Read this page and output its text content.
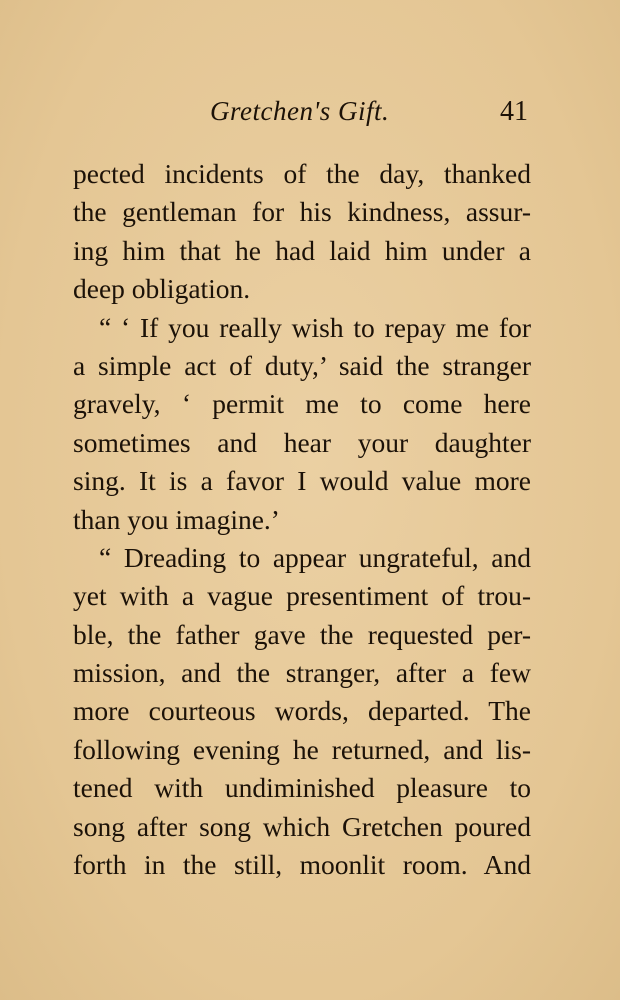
Gretchen's Gift.	41
pected incidents of the day, thanked
the gentleman for his kindness, assur-
ing him that he had laid him under a
deep obligation.
“ ‘ If you really wish to repay me for
a simple act of duty,’ said the stranger
gravely, ‘ permit me to come here
sometimes and hear your daughter
sing. It is a favor I would value more
than you imagine.’
“ Dreading to appear ungrateful, and
yet with a vague presentiment of trou-
ble, the father gave the requested per-
mission, and the stranger, after a few
more courteous words, departed. The
following evening he returned, and lis-
tened with undiminished pleasure to
song after song which Gretchen poured
forth in the still, moonlit room. And
